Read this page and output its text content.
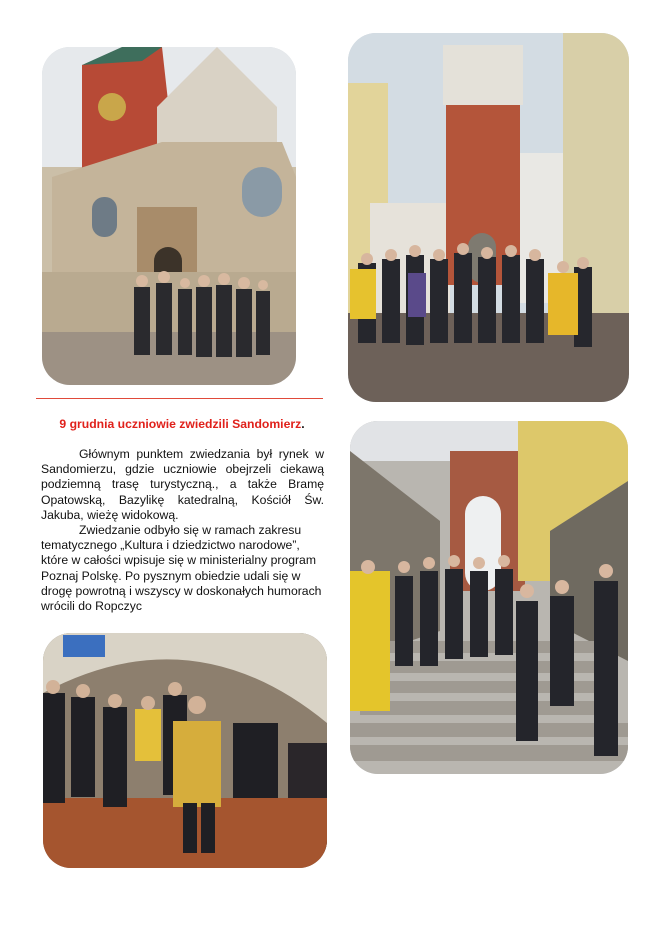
9 grudnia uczniowie zwiedzili Sandomierz.

Głównym punktem zwiedzania był rynek w Sandomierzu, gdzie uczniowie obejrzeli ciekawą podziemną trasę turystyczną., a także Bramę Opatowską, Bazylikę katedralną, Kościół Św. Jakuba, wieżę widokową.

Zwiedzanie odbyło się w ramach zakresu tematycznego „Kultura i dziedzictwo narodowe”, które w całości wpisuje się w ministerialny program Poznaj Polskę. Po pysznym obiedzie udali się w drogę powrotną i wszyscy w doskonałych humorach wrócili do Ropczyc
